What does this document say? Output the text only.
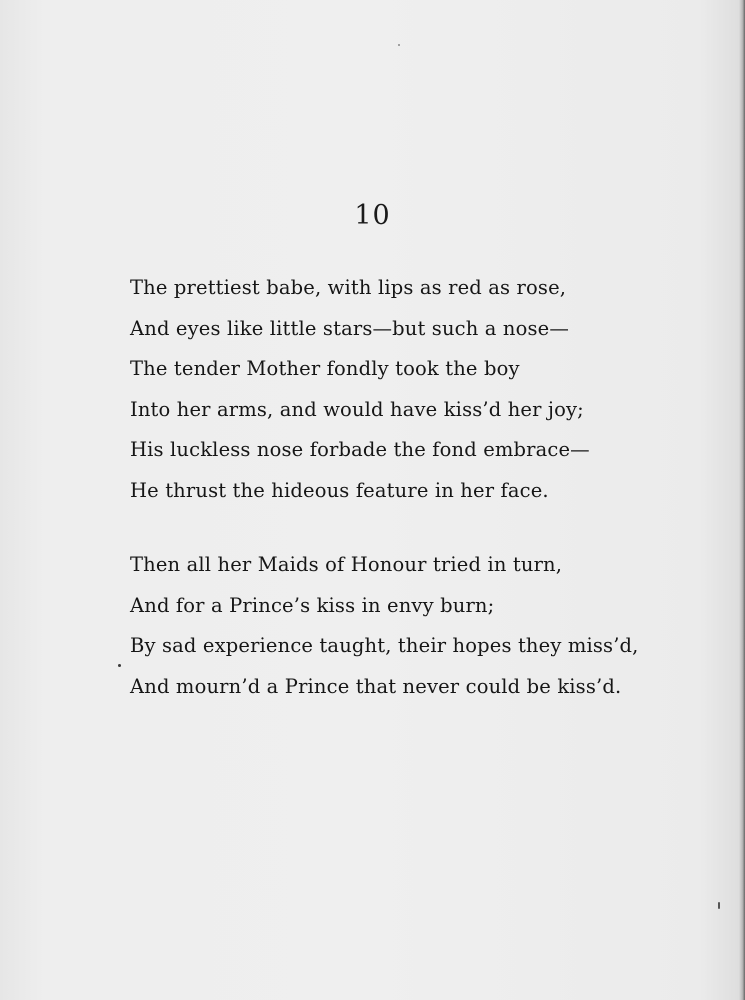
10
The prettiest babe, with lips as red as rose,
And eyes like little stars—but such a nose—
The tender Mother fondly took the boy
Into her arms, and would have kiss’d her joy;
His luckless nose forbade the fond embrace—
He thrust the hideous feature in her face.
Then all her Maids of Honour tried in turn,
And for a Prince’s kiss in envy burn;
By sad experience taught, their hopes they miss’d,
And mourn’d a Prince that never could be kiss’d.
